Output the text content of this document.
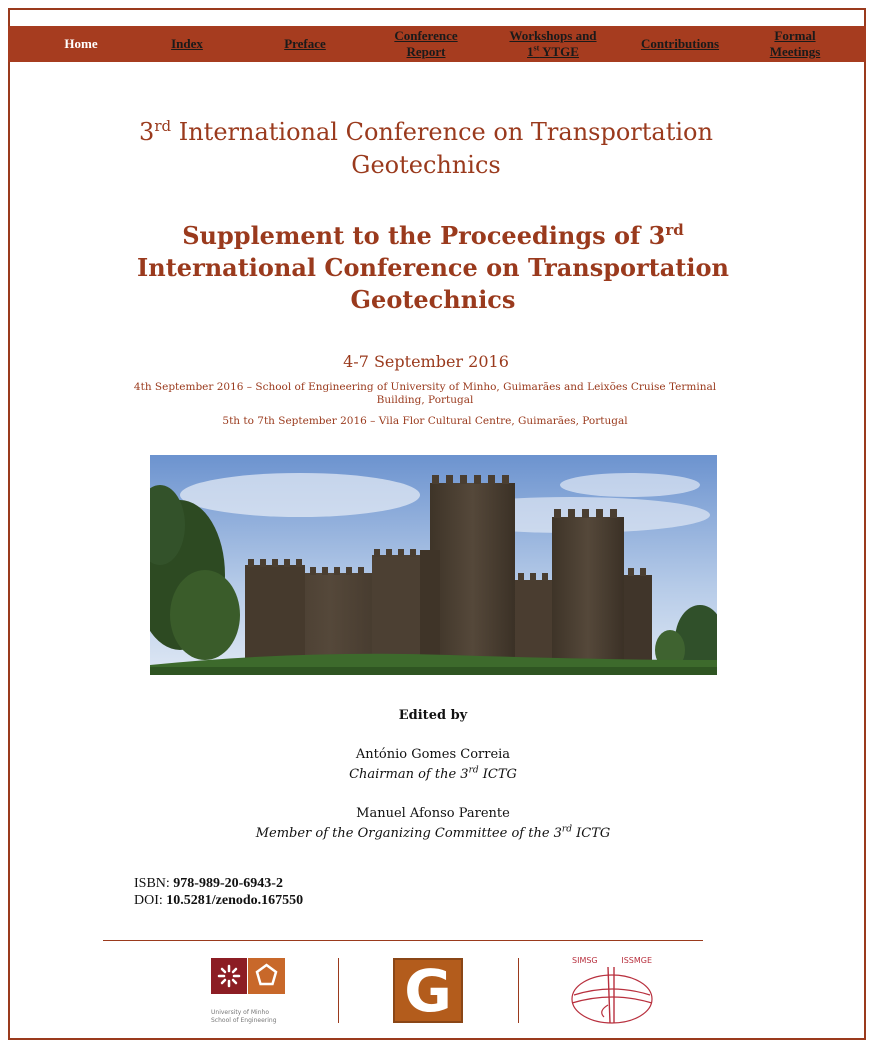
Home	Index	Preface
Conference
Report
Workshops and
1st YTGE
Contributions
Formal
Meetings
3rd International Conference on Transportation Geotechnics
Supplement to the Proceedings of 3rd International Conference on Transportation Geotechnics
4-7 September 2016
4th September 2016 – School of Engineering of University of Minho, Guimarães and Leixões Cruise Terminal Building, Portugal
5th to 7th September 2016 – Vila Flor Cultural Centre, Guimarães, Portugal
Edited by
António Gomes Correia
Chairman of the 3rd ICTG
Manuel Afonso Parente
Member of the Organizing Committee of the 3rd ICTG
ISBN: 978-989-20-6943-2
DOI: 10.5281/zenodo.167550
University of Minho
School of Engineering G	SIMSG	ISSMGE
